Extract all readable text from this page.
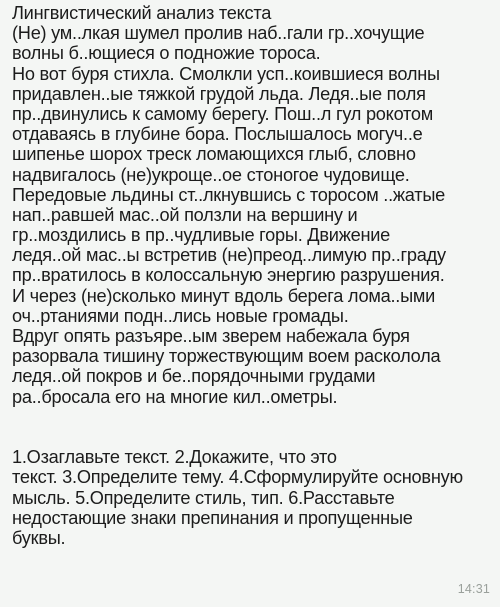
Лингвистический анализ текста
(Не) ум..лкая шумел пролив наб..гали гр..хочущие
волны б..ющиеся о подножие тороса.
Но вот буря стихла. Смолкли усп..коившиеся волны
придавлен..ые тяжкой грудой льда. Ледя..ые поля
пр..двинулись к самому берегу. Пош..л гул рокотом
отдаваясь в глубине бора. Послышалось могуч..е
шипенье шорох треск ломающихся глыб, словно
надвигалось (не)укроще..ое стоногое чудовище.
Передовые льдины ст..лкнувшись с торосом ..жатые
нап..равшей мас..ой ползли на вершину и
гр..моздились в пр..чудливые горы. Движение
ледя..ой мас..ы встретив (не)преод..лимую пр..граду
пр..вратилось в колоссальную энергию разрушения.
И через (не)сколько минут вдоль берега лома..ыми
оч..ртаниями подн..лись новые громады.
Вдруг опять разъяре..ым зверем набежала буря
разорвала тишину торжествующим воем расколола
ледя..ой покров и бе..порядочными грудами
ра..бросала его на многие кил..ометры.
1.Озаглавьте текст. 2.Докажите, что это
текст. 3.Определите тему. 4.Сформулируйте основную
мысль. 5.Определите стиль, тип. 6.Расставьте
недостающие знаки препинания и пропущенные
буквы.
14:31
